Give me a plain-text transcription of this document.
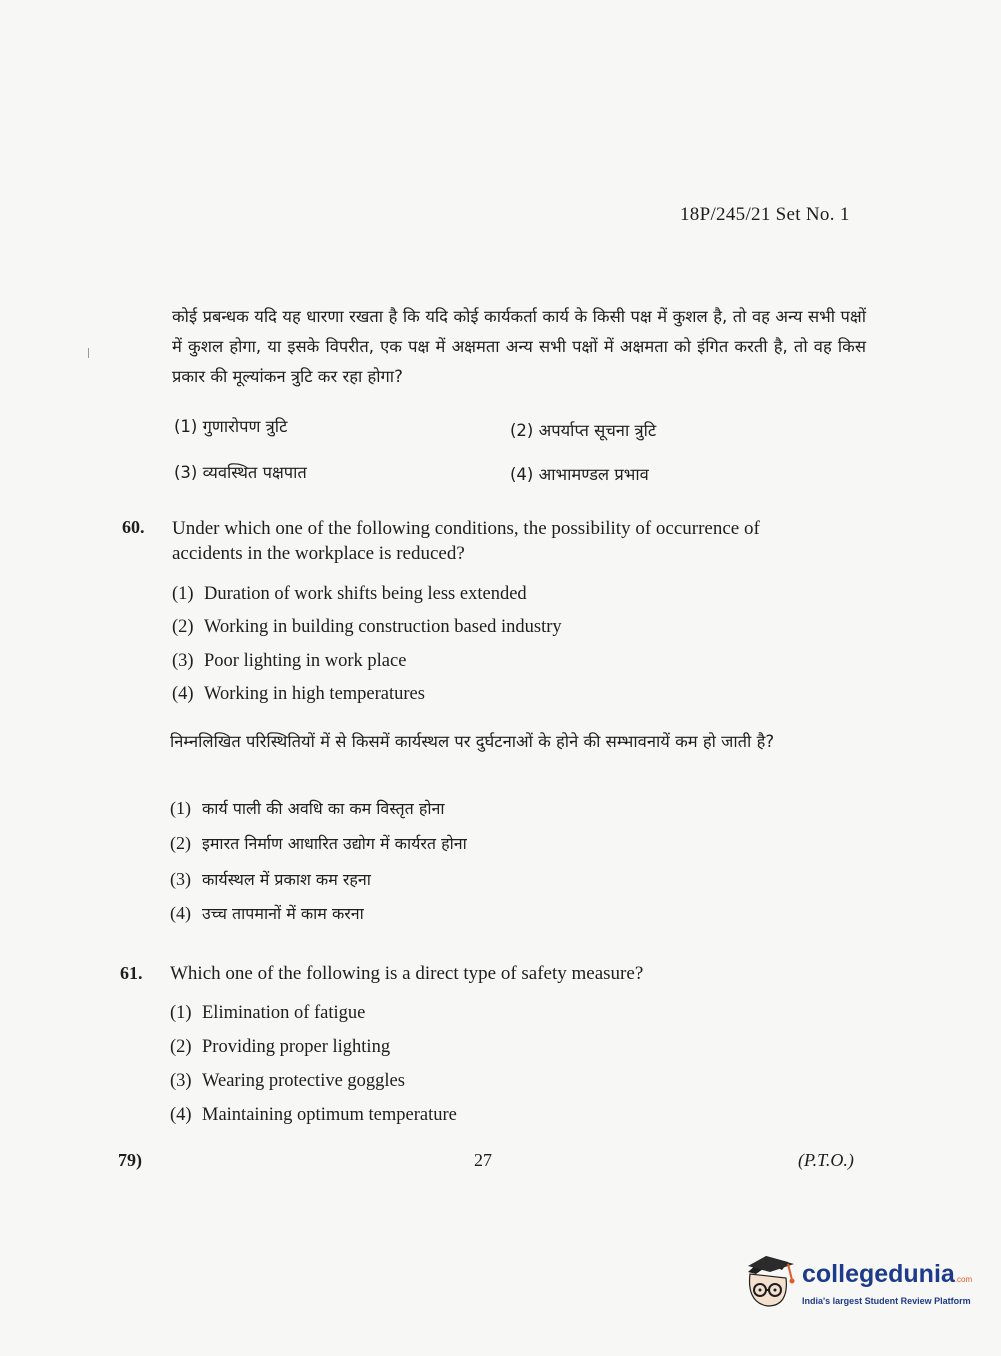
18P/245/21 Set No. 1
कोई प्रबन्धक यदि यह धारणा रखता है कि यदि कोई कार्यकर्ता कार्य के किसी पक्ष में कुशल है, तो वह अन्य सभी पक्षों में कुशल होगा, या इसके विपरीत, एक पक्ष में अक्षमता अन्य सभी पक्षों में अक्षमता को इंगित करती है, तो वह किस प्रकार की मूल्यांकन त्रुटि कर रहा होगा?
(1) गुणारोपण त्रुटि	(2) अपर्याप्त सूचना त्रुटि
(3) व्यवस्थित पक्षपात	(4) आभामण्डल प्रभाव
60. Under which one of the following conditions, the possibility of occurrence of
accidents in the workplace is reduced?
(1) Duration of work shifts being less extended
(2) Working in building construction based industry
(3) Poor lighting in work place
(4) Working in high temperatures
निम्नलिखित परिस्थितियों में से किसमें कार्यस्थल पर दुर्घटनाओं के होने की सम्भावनायें कम हो जाती है?
(1) कार्य पाली की अवधि का कम विस्तृत होना
(2) इमारत निर्माण आधारित उद्योग में कार्यरत होना
(3) कार्यस्थल में प्रकाश कम रहना
(4) उच्च तापमानों में काम करना
61. Which one of the following is a direct type of safety measure?
(1) Elimination of fatigue
(2) Providing proper lighting
(3) Wearing protective goggles
(4) Maintaining optimum temperature
79)	27	(P.T.O.)
collegedunia.com
India's largest Student Review Platform
